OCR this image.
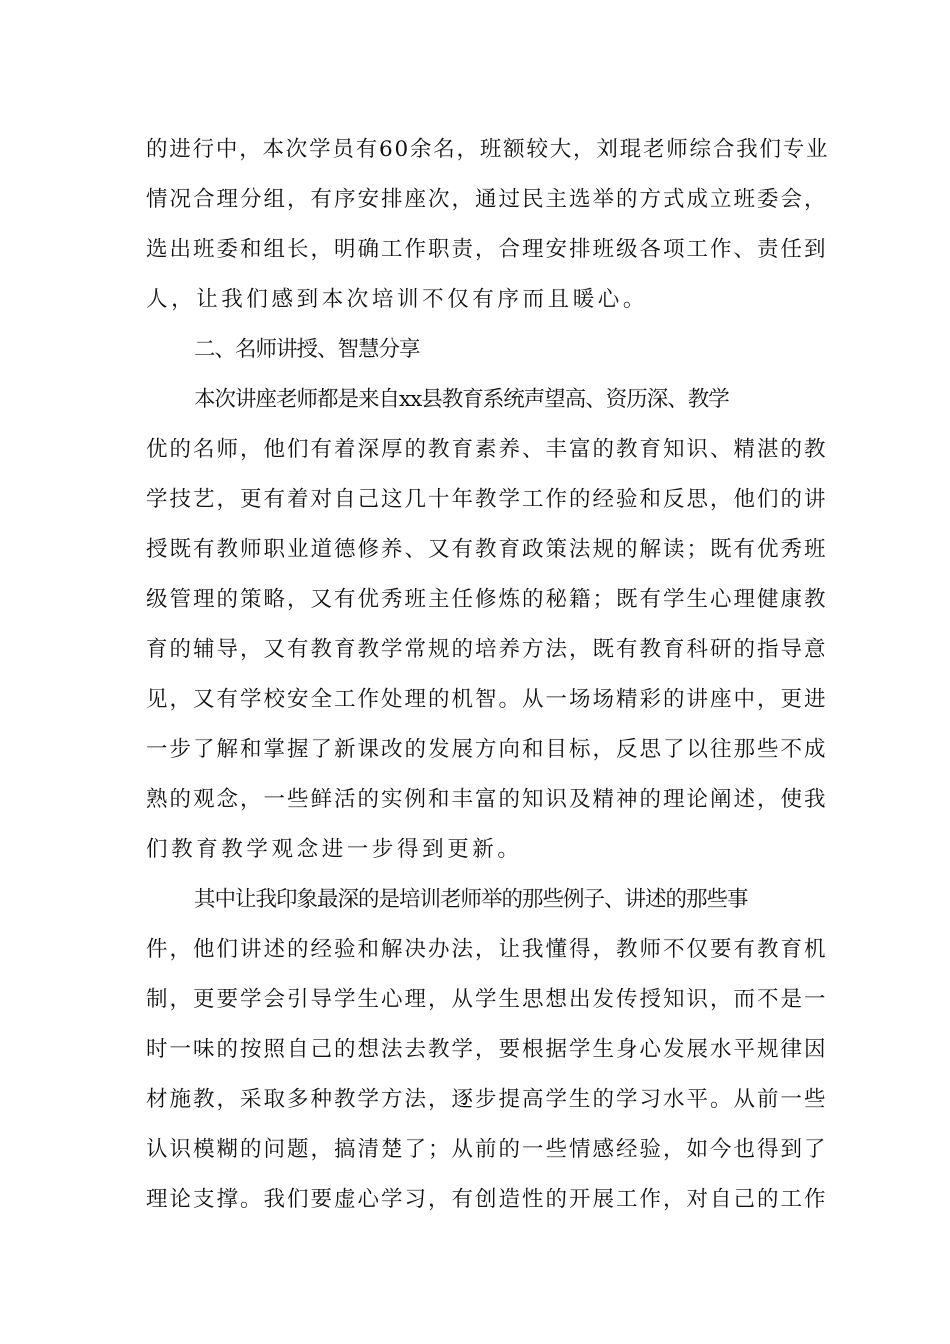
的进行中，本次学员有60余名，班额较大，刘琨老师综合我们专业
情况合理分组，有序安排座次，通过民主选举的方式成立班委会，
选出班委和组长，明确工作职责，合理安排班级各项工作、责任到
人，让我们感到本次培训不仅有序而且暖心。
二、名师讲授、智慧分享
本次讲座老师都是来自xx县教育系统声望高、资历深、教学
优的名师，他们有着深厚的教育素养、丰富的教育知识、精湛的教
学技艺，更有着对自己这几十年教学工作的经验和反思，他们的讲
授既有教师职业道德修养、又有教育政策法规的解读；既有优秀班
级管理的策略，又有优秀班主任修炼的秘籍；既有学生心理健康教
育的辅导，又有教育教学常规的培养方法，既有教育科研的指导意
见，又有学校安全工作处理的机智。从一场场精彩的讲座中，更进
一步了解和掌握了新课改的发展方向和目标，反思了以往那些不成
熟的观念，一些鲜活的实例和丰富的知识及精神的理论阐述，使我
们教育教学观念进一步得到更新。
其中让我印象最深的是培训老师举的那些例子、讲述的那些事
件，他们讲述的经验和解决办法，让我懂得，教师不仅要有教育机
制，更要学会引导学生心理，从学生思想出发传授知识，而不是一
时一味的按照自己的想法去教学，要根据学生身心发展水平规律因
材施教，采取多种教学方法，逐步提高学生的学习水平。从前一些
认识模糊的问题，搞清楚了；从前的一些情感经验，如今也得到了
理论支撑。我们要虚心学习，有创造性的开展工作，对自己的工作
